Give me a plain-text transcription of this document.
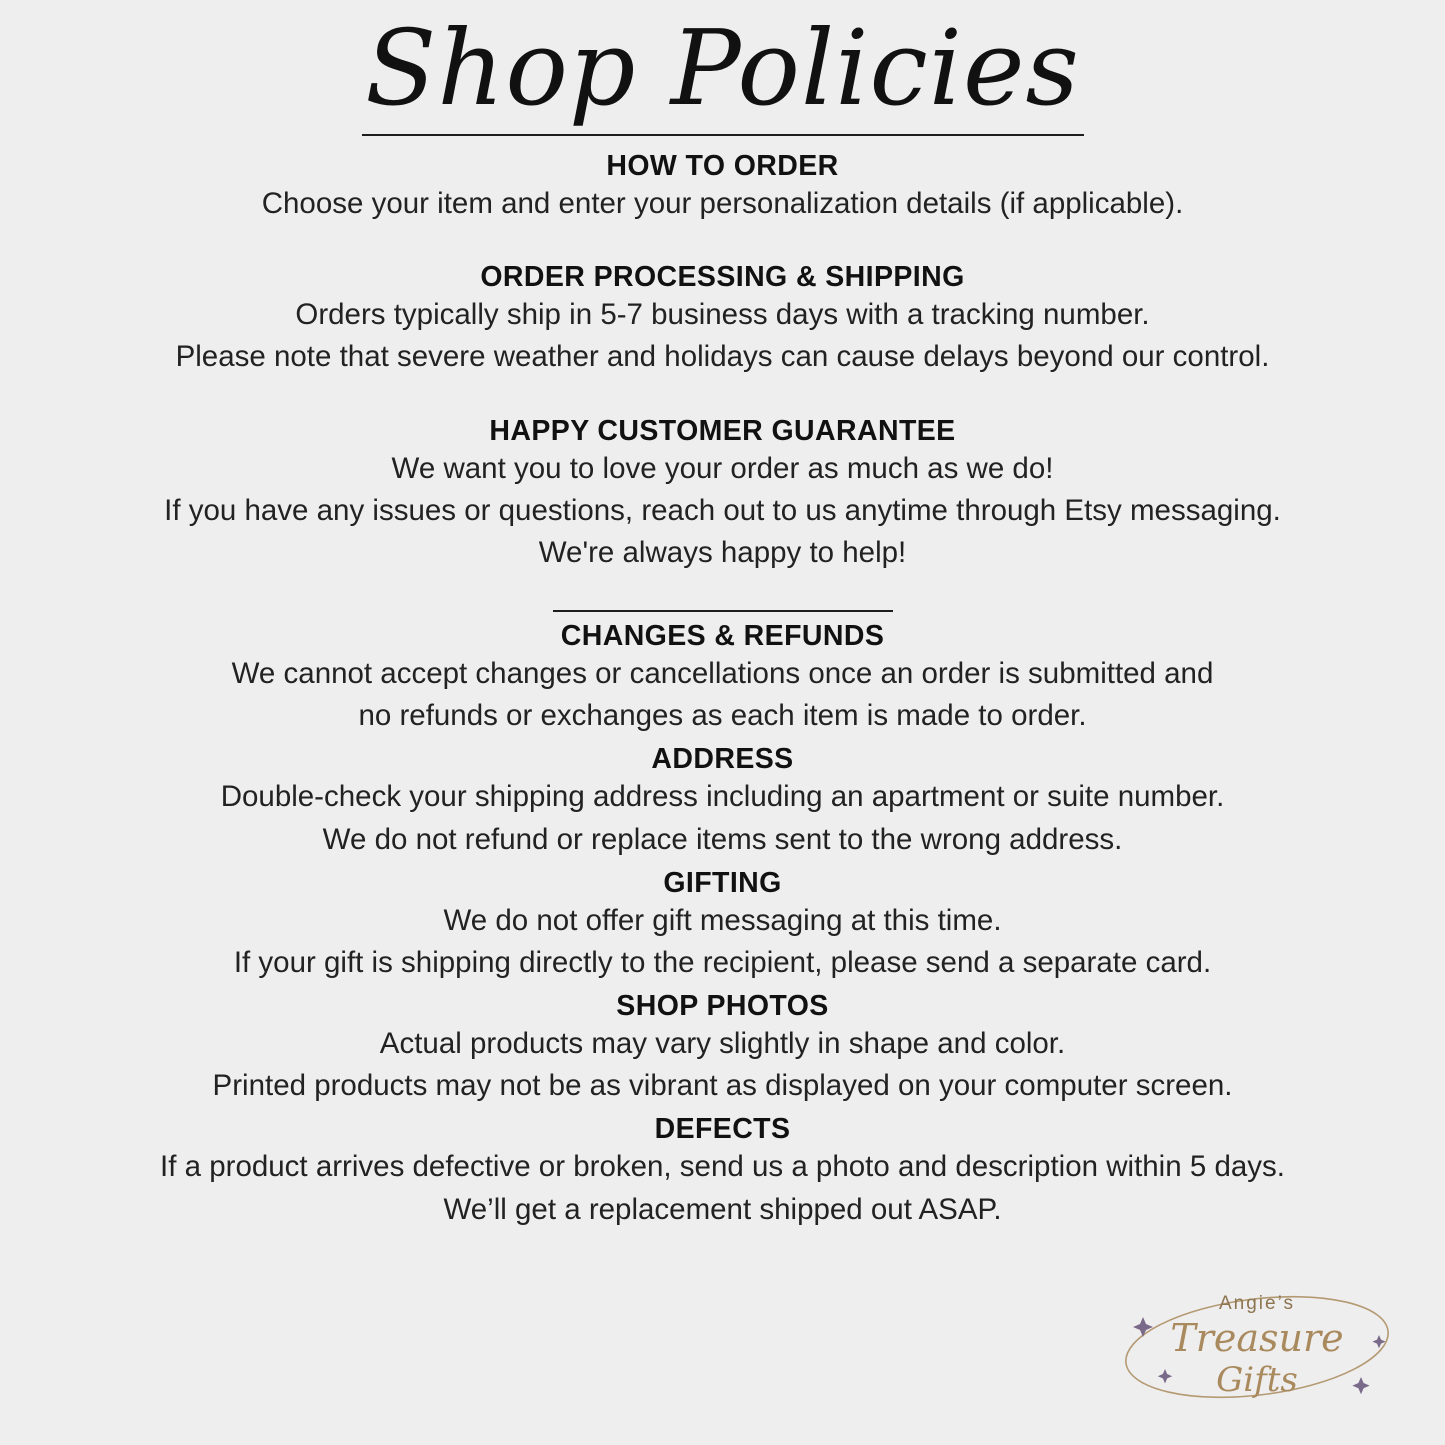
Shop Policies
HOW TO ORDER
Choose your item and enter your personalization details (if applicable).
ORDER PROCESSING & SHIPPING
Orders typically ship in 5-7 business days with a tracking number.
Please note that severe weather and holidays can cause delays beyond our control.
HAPPY CUSTOMER GUARANTEE
We want you to love your order as much as we do!
If you have any issues or questions, reach out to us anytime through Etsy messaging.
We're always happy to help!
CHANGES & REFUNDS
We cannot accept changes or cancellations once an order is submitted and
no refunds or exchanges as each item is made to order.
ADDRESS
Double-check your shipping address including an apartment or suite number.
We do not refund or replace items sent to the wrong address.
GIFTING
We do not offer gift messaging at this time.
If your gift is shipping directly to the recipient, please send a separate card.
SHOP PHOTOS
Actual products may vary slightly in shape and color.
Printed products may not be as vibrant as displayed on your computer screen.
DEFECTS
If a product arrives defective or broken, send us a photo and description within 5 days.
We’ll get a replacement shipped out ASAP.
Angie’s
Treasure
Gifts
